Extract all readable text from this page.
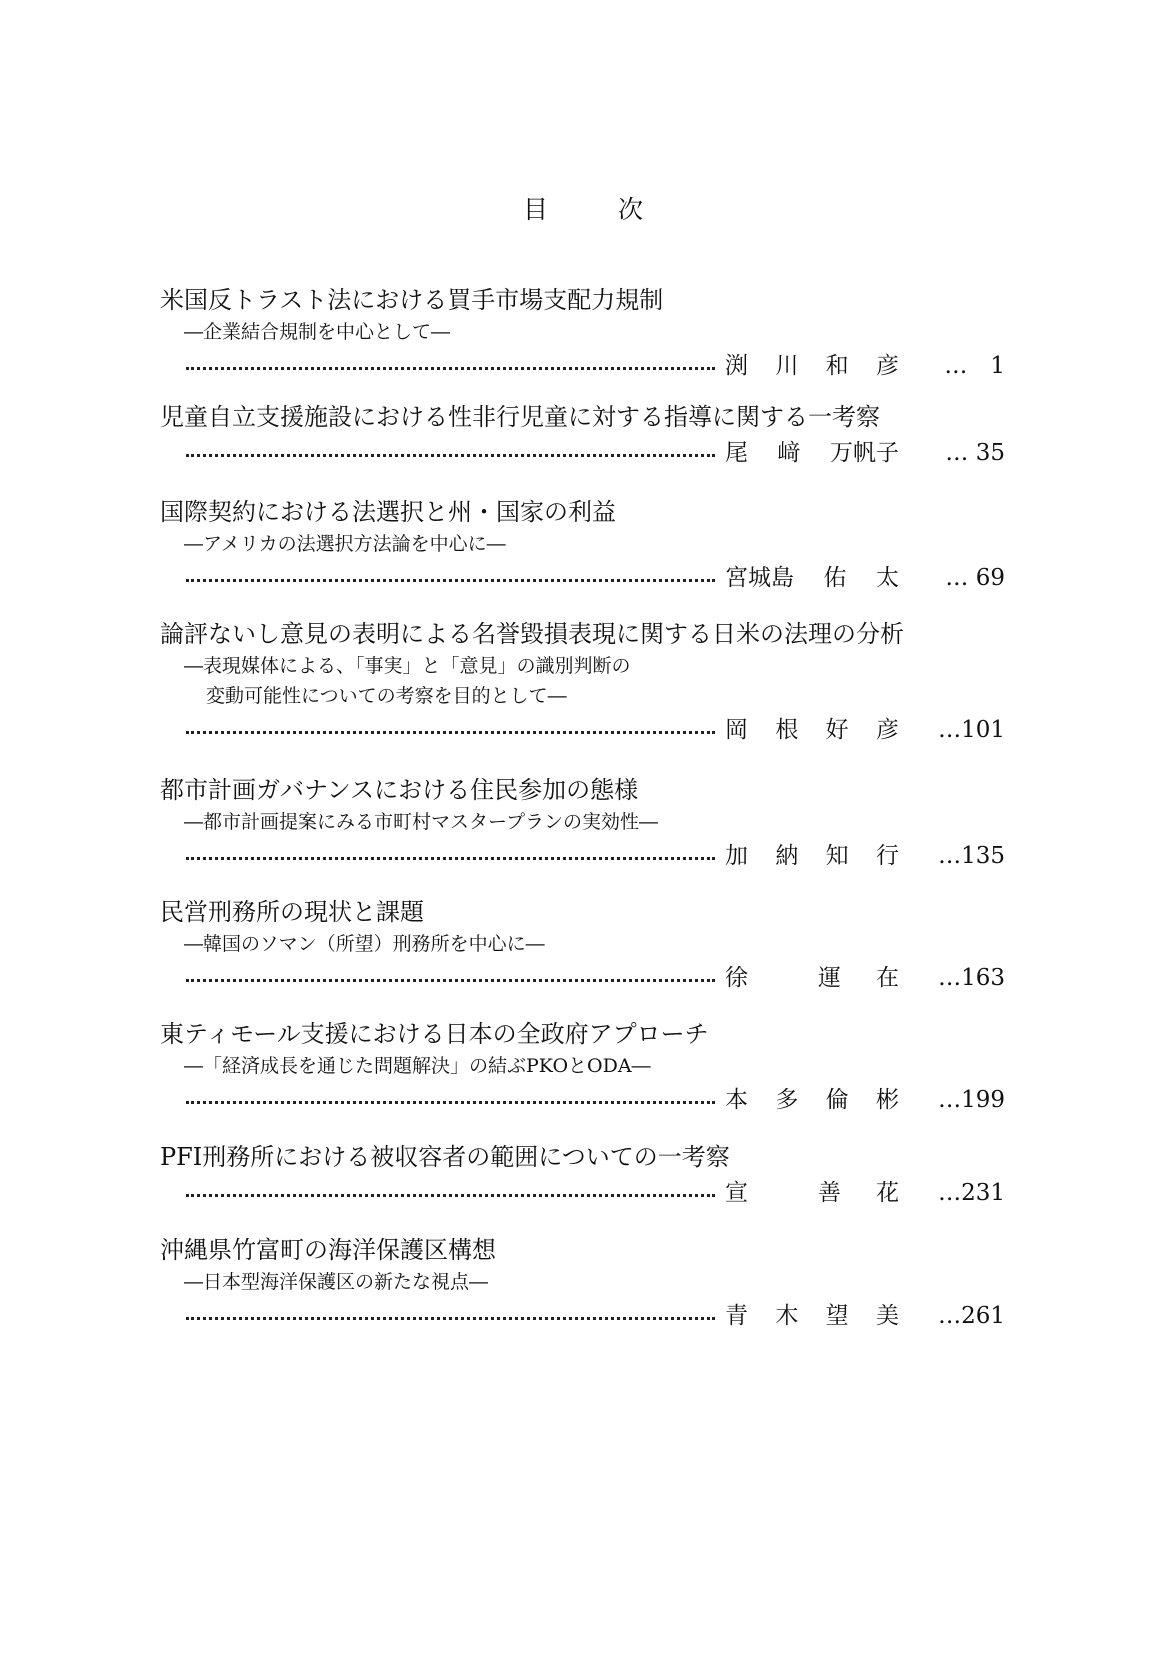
目	次
米国反トラスト法における買手市場支配力規制
―企業結合規制を中心として―
渕 川 和 彦	…　1
児童自立支援施設における性非行児童に対する指導に関する一考察
尾 﨑 万帆子	… 35
国際契約における法選択と州・国家の利益
―アメリカの法選択方法論を中心に―
宮城島 佑 太	… 69
論評ないし意見の表明による名誉毀損表現に関する日米の法理の分析
―表現媒体による、「事実」と「意見」の識別判断の
変動可能性についての考察を目的として―
岡 根 好 彦	…101
都市計画ガバナンスにおける住民参加の態様
―都市計画提案にみる市町村マスタープランの実効性―
加 納 知 行	…135
民営刑務所の現状と課題
―韓国のソマン（所望）刑務所を中心に―
徐	運 在	…163
東ティモール支援における日本の全政府アプローチ
―「経済成長を通じた問題解決」の結ぶPKOとODA―
本 多 倫 彬	…199
PFI刑務所における被収容者の範囲についての一考察
宣	善 花	…231
沖縄県竹富町の海洋保護区構想
―日本型海洋保護区の新たな視点―
青 木 望 美	…261
